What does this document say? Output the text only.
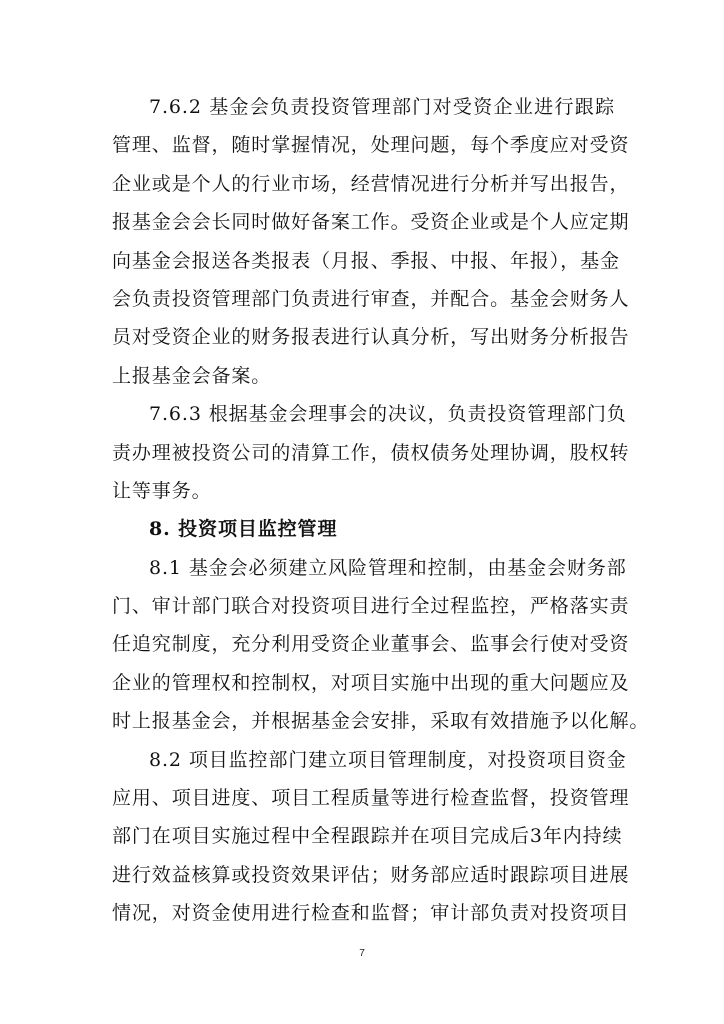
7.6.2 基金会负责投资管理部门对受资企业进行跟踪
管理、监督，随时掌握情况，处理问题，每个季度应对受资
企业或是个人的行业市场，经营情况进行分析并写出报告，
报基金会会长同时做好备案工作。受资企业或是个人应定期
向基金会报送各类报表（月报、季报、中报、年报），基金
会负责投资管理部门负责进行审查，并配合。基金会财务人
员对受资企业的财务报表进行认真分析，写出财务分析报告
上报基金会备案。
7.6.3 根据基金会理事会的决议，负责投资管理部门负
责办理被投资公司的清算工作，债权债务处理协调，股权转
让等事务。
8. 投资项目监控管理
8.1 基金会必须建立风险管理和控制，由基金会财务部
门、审计部门联合对投资项目进行全过程监控，严格落实责
任追究制度，充分利用受资企业董事会、监事会行使对受资
企业的管理权和控制权，对项目实施中出现的重大问题应及
时上报基金会，并根据基金会安排，采取有效措施予以化解。
8.2 项目监控部门建立项目管理制度，对投资项目资金
应用、项目进度、项目工程质量等进行检查监督，投资管理
部门在项目实施过程中全程跟踪并在项目完成后3年内持续
进行效益核算或投资效果评估；财务部应适时跟踪项目进展
情况，对资金使用进行检查和监督；审计部负责对投资项目
7
